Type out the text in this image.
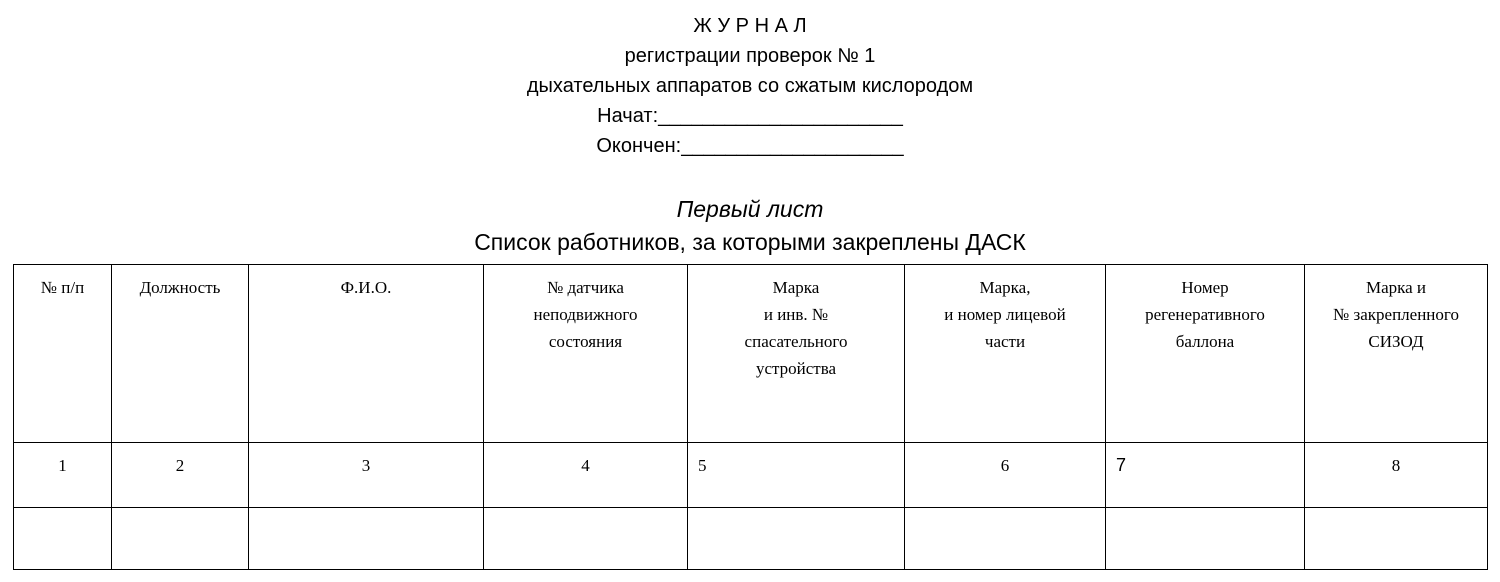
Ж У Р Н А Л
регистрации проверок № 1
дыхательных аппаратов со сжатым кислородом
Начат:______________________
Окончен:____________________
Первый лист
Список работников, за которыми закреплены ДАСК
№ п/п	Должность	Ф.И.О.	№ датчика
неподвижного
состояния	Марка
и инв. №
спасательного
устройства	Марка,
и номер лицевой
части	Номер
регенеративного
баллона	Марка и
№ закрепленного
СИЗОД

1	2	3	4	5	6	7	8
